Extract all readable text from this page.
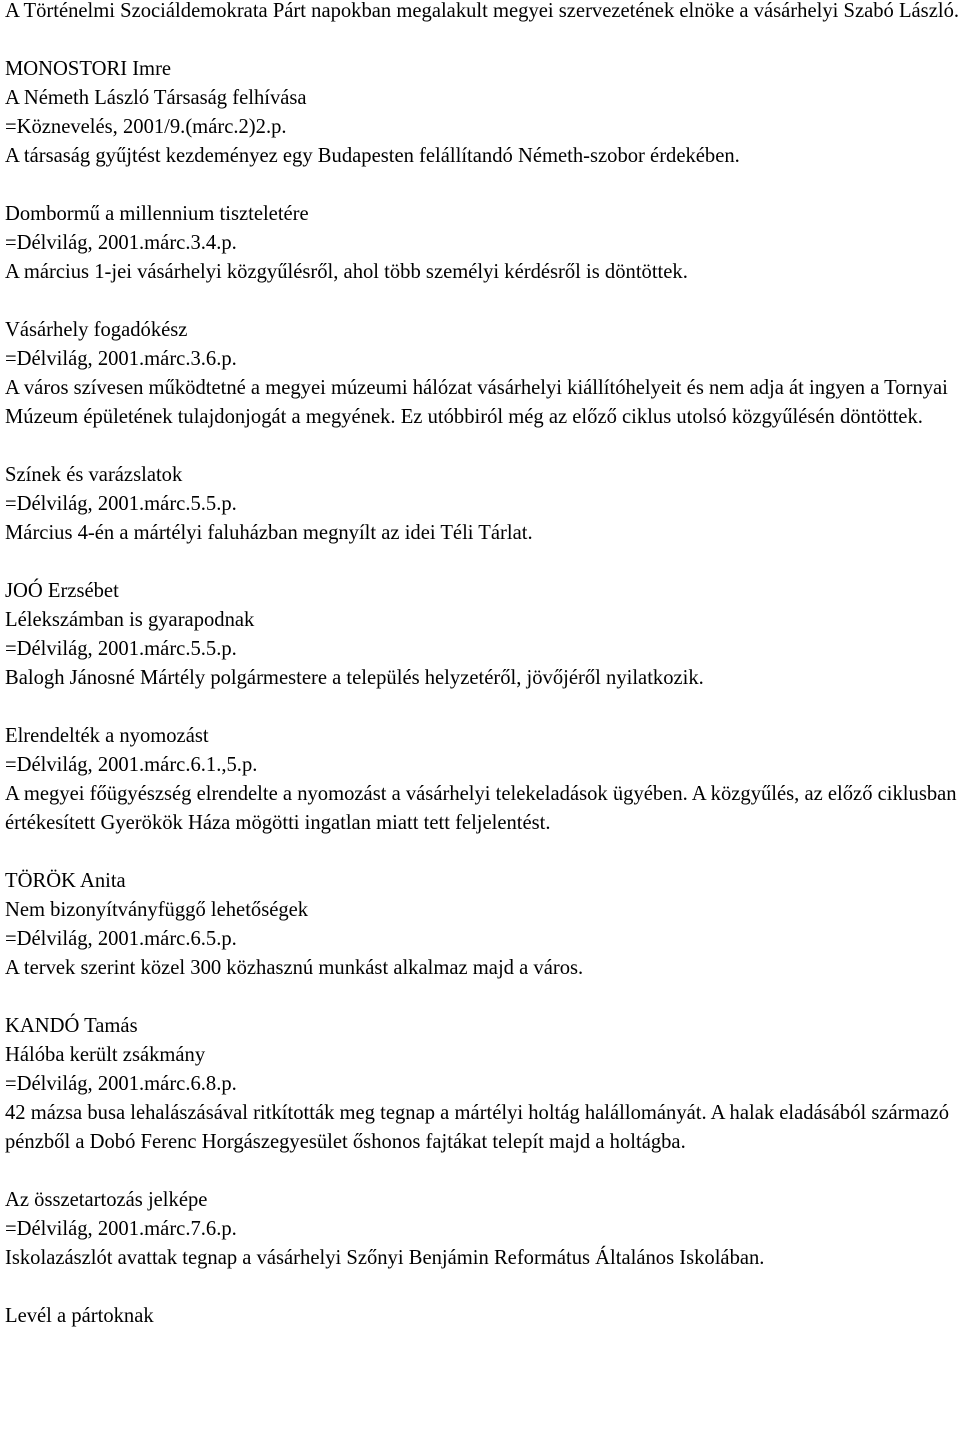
A Történelmi Szociáldemokrata Párt napokban megalakult megyei szervezetének elnöke a vásárhelyi Szabó László.
MONOSTORI Imre
A Németh László Társaság felhívása
=Köznevelés, 2001/9.(márc.2)2.p.
A társaság gyűjtést kezdeményez egy Budapesten felállítandó Németh-szobor érdekében.
Dombormű a millennium tiszteletére
=Délvilág, 2001.márc.3.4.p.
A március 1-jei vásárhelyi közgyűlésről, ahol több személyi kérdésről is döntöttek.
Vásárhely fogadókész
=Délvilág, 2001.márc.3.6.p.
A város szívesen működtetné a megyei múzeumi hálózat vásárhelyi kiállítóhelyeit és nem adja át ingyen a Tornyai Múzeum épületének tulajdonjogát a megyének. Ez utóbbiról még az előző ciklus utolsó közgyűlésén döntöttek.
Színek és varázslatok
=Délvilág, 2001.márc.5.5.p.
Március 4-én a mártélyi faluházban megnyílt az idei Téli Tárlat.
JOÓ Erzsébet
Lélekszámban is gyarapodnak
=Délvilág, 2001.márc.5.5.p.
Balogh Jánosné Mártély polgármestere a település helyzetéről, jövőjéről nyilatkozik.
Elrendelték a nyomozást
=Délvilág, 2001.márc.6.1.,5.p.
A megyei főügyészség elrendelte a nyomozást a vásárhelyi telekeladások ügyében. A közgyűlés, az előző ciklusban értékesített Gyerökök Háza mögötti ingatlan miatt tett feljelentést.
TÖRÖK Anita
Nem bizonyítványfüggő lehetőségek
=Délvilág, 2001.márc.6.5.p.
A tervek szerint közel 300 közhasznú munkást alkalmaz majd a város.
KANDÓ Tamás
Hálóba került zsákmány
=Délvilág, 2001.márc.6.8.p.
42 mázsa busa lehalászásával ritkították meg tegnap a mártélyi holtág halállományát. A halak eladásából származó pénzből a Dobó Ferenc Horgászegyesület őshonos fajtákat telepít majd a holtágba.
Az összetartozás jelképe
=Délvilág, 2001.márc.7.6.p.
Iskolazászlót avattak tegnap a vásárhelyi Szőnyi Benjámin Református Általános Iskolában.
Levél a pártoknak
